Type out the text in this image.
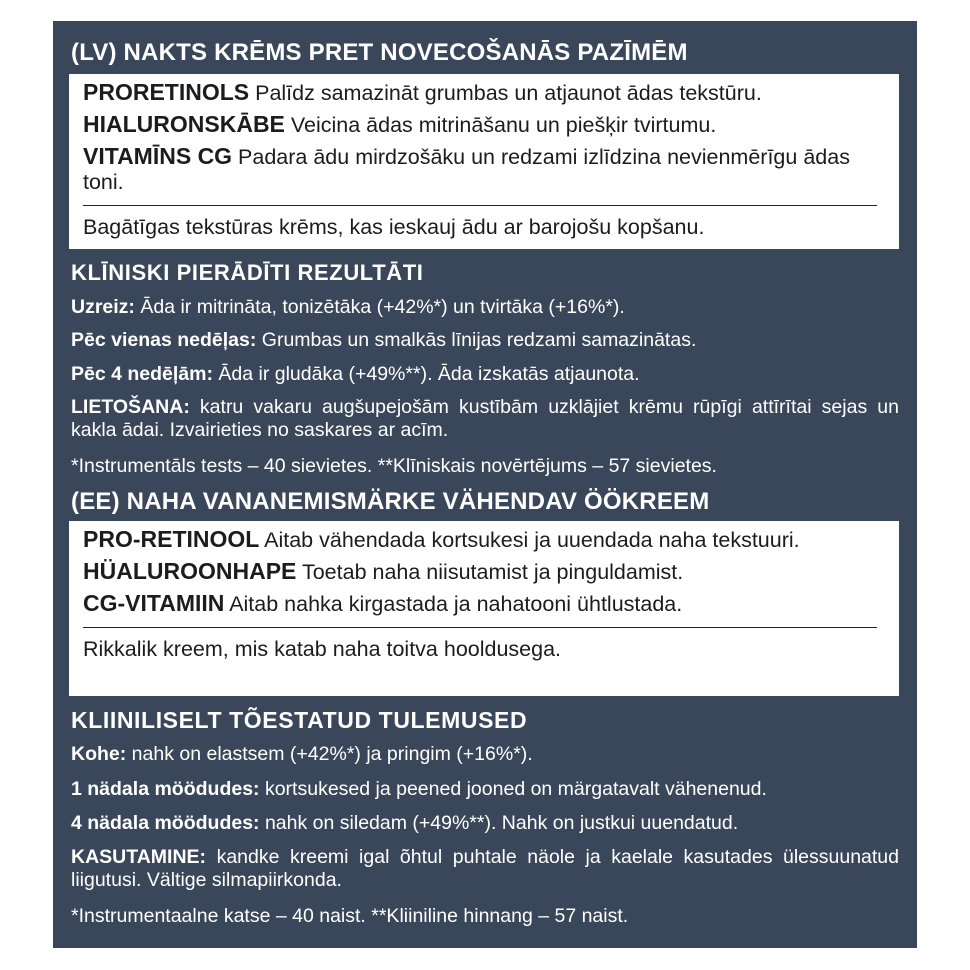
(LV) NAKTS KRĒMS PRET NOVECOŠANĀS PAZĪMĒM
PRORETINOLS Palīdz samazināt grumbas un atjaunot ādas tekstūru.
HIALURONSKĀBE Veicina ādas mitrināšanu un piešķir tvirtumu.
VITAMĪNS CG Padara ādu mirdzošāku un redzami izlīdzina nevienmērīgu ādas toni.
Bagātīgas tekstūras krēms, kas ieskauj ādu ar barojošu kopšanu.
KLĪNISKI PIERĀDĪTI REZULTĀTI
Uzreiz: Āda ir mitrināta, tonizētāka (+42%*) un tvirtāka (+16%*).
Pēc vienas nedēļas: Grumbas un smalkās līnijas redzami samazinātas.
Pēc 4 nedēļām: Āda ir gludāka (+49%**). Āda izskatās atjaunota.
LIETOŠANA: katru vakaru augšupejošām kustībām uzklājiet krēmu rūpīgi attīrītai sejas un kakla ādai. Izvairieties no saskares ar acīm.
*Instrumentāls tests – 40 sievietes. **Klīniskais novērtējums – 57 sievietes.
(EE) NAHA VANANEMISMÄRKE VÄHENDAV ÖÖKREEM
PRO-RETINOOL Aitab vähendada kortsukesi ja uuendada naha tekstuuri.
HÜALUROONHAPE Toetab naha niisutamist ja pinguldamist.
CG-VITAMIIN Aitab nahka kirgastada ja nahatooni ühtlustada.
Rikkalik kreem, mis katab naha toitva hooldusega.
KLIINILISELT TÕESTATUD TULEMUSED
Kohe: nahk on elastsem (+42%*) ja pringim (+16%*).
1 nädala möödudes: kortsukesed ja peened jooned on märgatavalt vähenenud.
4 nädala möödudes: nahk on siledam (+49%**). Nahk on justkui uuendatud.
KASUTAMINE: kandke kreemi igal õhtul puhtale näole ja kaelale kasutades ülessuunatud liigutusi. Vältige silmapiirkonda.
*Instrumentaalne katse – 40 naist. **Kliiniline hinnang – 57 naist.
